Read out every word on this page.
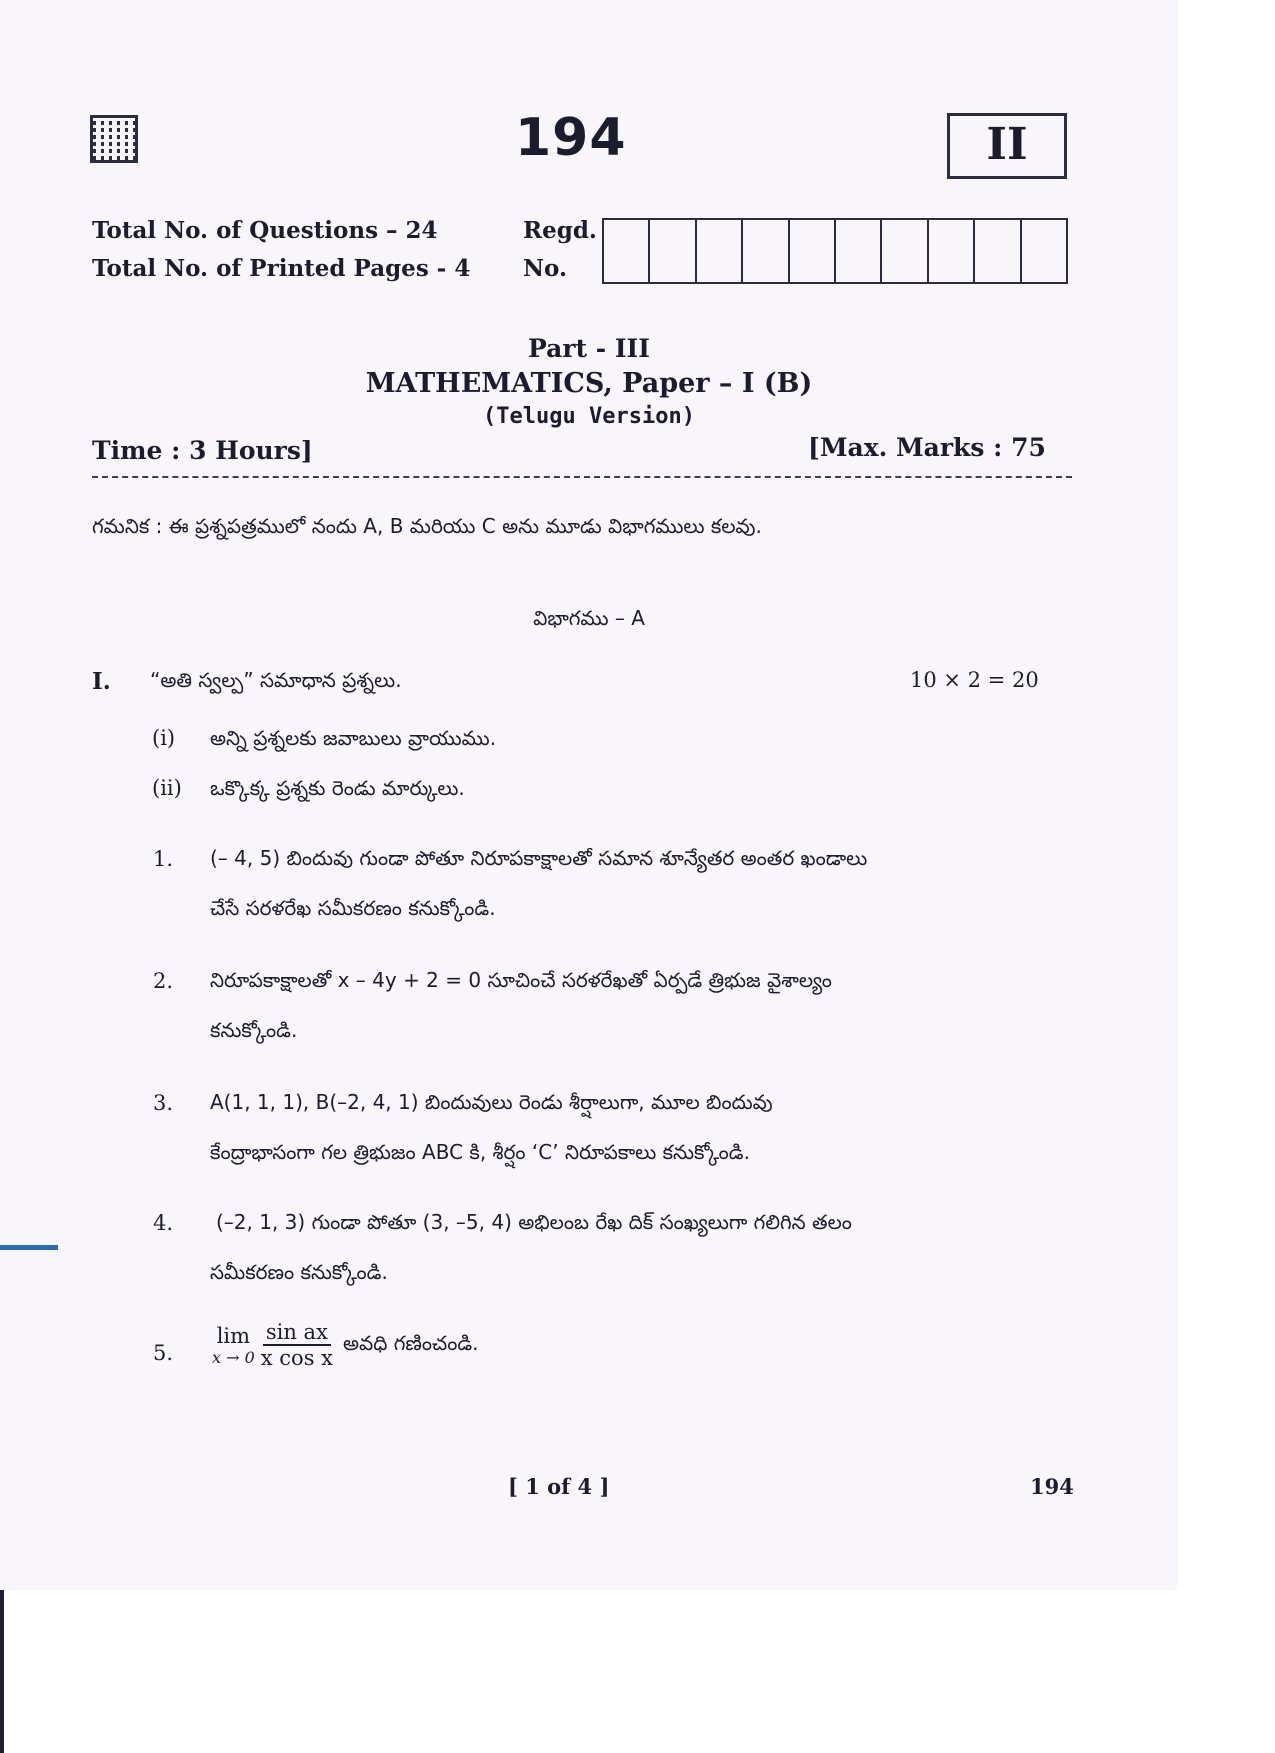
194	II
Total No. of Questions – 24
Total No. of Printed Pages - 4
Regd.
No.
Part - III
MATHEMATICS, Paper – I (B)
(Telugu Version)
Time : 3 Hours]	[Max. Marks : 75
గమనిక : ఈ ప్రశ్నపత్రములో నందు A, B మరియు C అను మూడు విభాగములు కలవు.
విభాగము – A
I. “అతి స్వల్ప” సమాధాన ప్రశ్నలు.	10 × 2 = 20
(i) అన్ని ప్రశ్నలకు జవాబులు వ్రాయుము.
(ii) ఒక్కొక్క ప్రశ్నకు రెండు మార్కులు.
1. (– 4, 5) బిందువు గుండా పోతూ నిరూపకాక్షాలతో సమాన శూన్యేతర అంతర ఖండాలు
చేసే సరళరేఖ సమీకరణం కనుక్కోండి.
2. నిరూపకాక్షాలతో x – 4y + 2 = 0 సూచించే సరళరేఖతో ఏర్పడే త్రిభుజ వైశాల్యం
కనుక్కోండి.
3. A(1, 1, 1), B(–2, 4, 1) బిందువులు రెండు శీర్షాలుగా, మూల బిందువు
కేంద్రాభాసంగా గల త్రిభుజం ABC కి, శీర్షం ‘C’ నిరూపకాలు కనుక్కోండి.
4. (–2, 1, 3) గుండా పోతూ (3, –5, 4) అభిలంబ రేఖ దిక్ సంఖ్యలుగా గలిగిన తలం
సమీకరణం కనుక్కోండి.
5.
lim
$x \to 0 \frac{\text{sin ax}}{\text{x cos x}}$ అవధి గణించండి.
[ 1 of 4 ]	194
